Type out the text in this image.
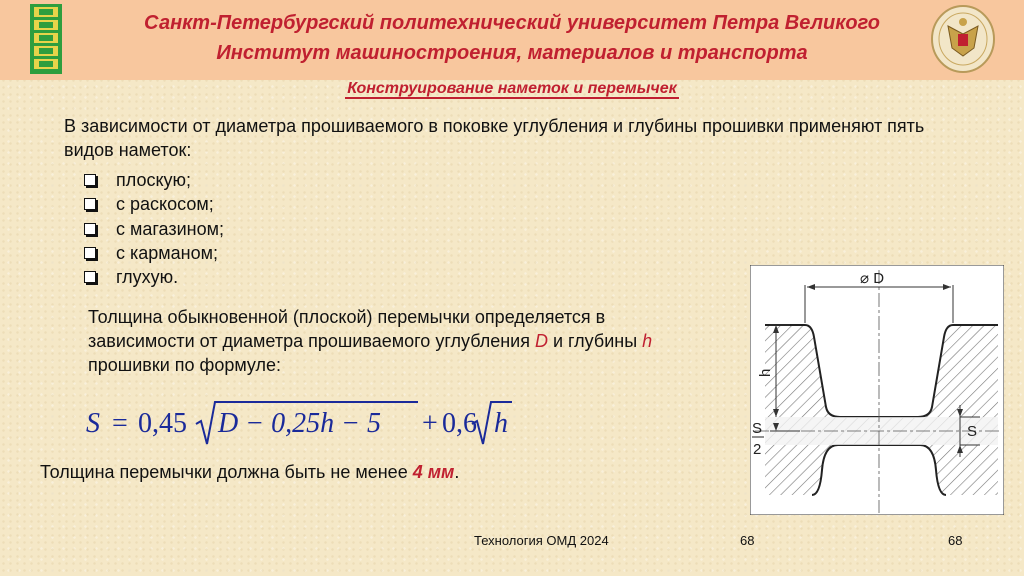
Санкт-Петербургский политехнический университет Петра Великого
Институт машиностроения, материалов и транспорта
Конструирование наметок и перемычек
В зависимости от диаметра прошиваемого в поковке углубления и глубины прошивки применяют пять видов наметок:
плоскую;
с раскосом;
с магазином;
с карманом;
глухую.
Толщина обыкновенной (плоской) перемычки определяется в зависимости от диаметра прошиваемого углубления D и глубины h прошивки по формуле:
S = 0,45 D − 0,25h − 5 + 0,6 h
Толщина перемычки должна быть не менее 4 мм.
⌀ D
h
S
2
S
Технология ОМД 2024	68	68
